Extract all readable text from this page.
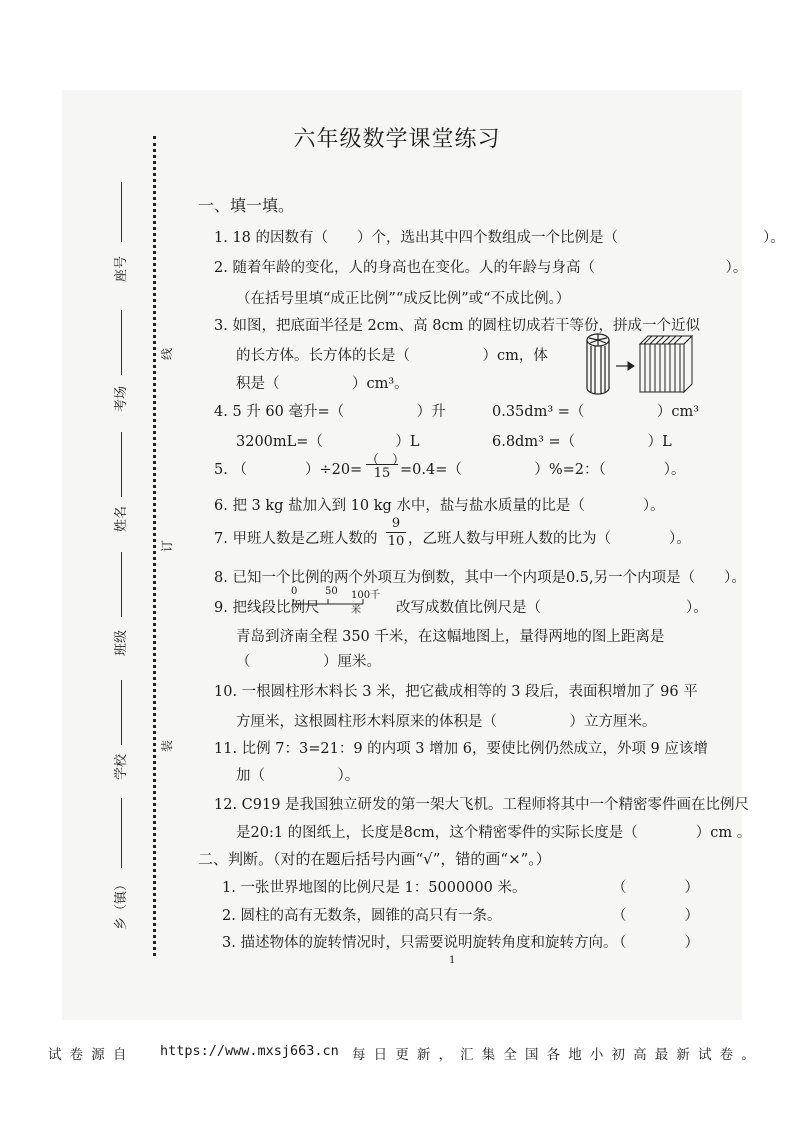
座号
考场
姓名
班级
学校
乡（镇）
线
订
装
六年级数学课堂练习
一、填一填。
1. 18 的因数有（　　）个，选出其中四个数组成一个比例是（　　　　　　　　　　）。
2. 随着年龄的变化，人的身高也在变化。人的年龄与身高（　　　　　　　　　）。
（在括号里填“成正比例”“成反比例”或“不成比例。）
3. 如图，把底面半径是 2cm、高 8cm 的圆柱切成若干等份，拼成一个近似
的长方体。长方体的长是（　　　　　）cm，体
积是（　　　　　）cm³。
4. 5 升 60 毫升=（　　　　　）升	0.35dm³ =（　　　　　）cm³
3200mL=（　　　　　）L	6.8dm³ =（　　　　　）L
5. （　　　　）÷20=
（　）
15 =0.4=（　　　　　）%=2：（　　　　）。
6. 把 3 kg 盐加入到 10 kg 水中，盐与盐水质量的比是（　　　　）。
7. 甲班人数是乙班人数的
9
10 ，乙班人数与甲班人数的比为（　　　　）。
8. 已知一个比例的两个外项互为倒数，其中一个内项是0.5,另一个内项是（　　）。
9. 把线段比例尺
0	50 100千米	改写成数值比例尺是（　　　　　　　　　　）。
青岛到济南全程 350 千米，在这幅地图上，量得两地的图上距离是
（　　　　　）厘米。
10. 一根圆柱形木料长 3 米，把它截成相等的 3 段后，表面积增加了 96 平
方厘米，这根圆柱形木料原来的体积是（　　　　　）立方厘米。
11. 比例 7：3=21：9 的内项 3 增加 6，要使比例仍然成立，外项 9 应该增
加（　　　　　）。
12. C919 是我国独立研发的第一架大飞机。工程师将其中一个精密零件画在比例尺
是20:1 的图纸上，长度是8cm，这个精密零件的实际长度是（　　　　）cm 。
二、判断。（对的在题后括号内画“√”，错的画“×”。）
1. 一张世界地图的比例尺是 1：5000000 米。	（　　　　）
2. 圆柱的高有无数条，圆锥的高只有一条。	（　　　　）
3. 描述物体的旋转情况时，只需要说明旋转角度和旋转方向。
（　　　　）
1
试 卷 源 自 https://www.mxsj663.cn 每 日 更 新 ， 汇 集 全 国 各 地 小 初 高 最 新 试 卷 。
